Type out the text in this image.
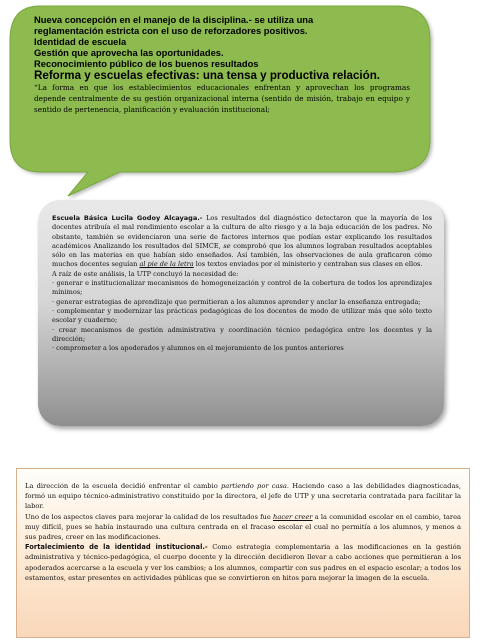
Nueva concepción en el manejo de la disciplina.- se utiliza una

reglamentación estricta con el uso de reforzadores positivos.

Identidad de escuela

Gestión que aprovecha las oportunidades.

Reconocimiento público de los buenos resultados

Reforma y escuelas efectivas: una tensa y productiva relación.

“La forma en que los establecimientos educacionales enfrentan y aprovechan los programas depende centralmente de su gestión organizacional interna (sentido de misión, trabajo en equipo y sentido de pertenencia, planificación y evaluación institucional;

Escuela Básica Lucila Godoy Alcayaga.- Los resultados del diagnóstico detectaron que la mayoría de los docentes atribuía el mal rendimiento escolar a la cultura de alto riesgo y a la baja educación de los padres. No obstante, también se evidenciaron una serie de factores internos que podían estar explicando los resultados académicos Analizando los resultados del SIMCE, se comprobó que los alumnos lograban resultados aceptables sólo en las materias en que habían sido enseñados. Así también, las observaciones de aula graficaron cómo muchos docentes seguían al pie de la letra los textos enviados por el ministerio y centraban sus clases en ellos.

A raíz de este análisis, la UTP concluyó la necesidad de:

· generar e institucionalizar mecanismos de homogeneización y control de la cobertura de todos los aprendizajes mínimos;

· generar estrategias de aprendizaje que permitieran a los alumnos aprender y anclar la enseñanza entregada;

· complementar y modernizar las prácticas pedagógicas de los docentes de modo de utilizar más que sólo texto escolar y cuaderno;

· crear mecanismos de gestión administrativa y coordinación técnico pedagógica entre los docentes y la dirección;

· comprometer a los apoderados y alumnos en el mejoramiento de los puntos anteriores

La dirección de la escuela decidió enfrentar el cambio partiendo por casa. Haciendo caso a las debilidades diagnosticadas, formó un equipo técnico-administrativo constituido por la directora, el jefe de UTP y una secretaria contratada para facilitar la labor.

Uno de los aspectos claves para mejorar la calidad de los resultados fue hacer creer a la comunidad escolar en el cambio, tarea muy difícil, pues se había instaurado una cultura centrada en el fracaso escolar el cual no permitía a los alumnos, y menos a sus padres, creer en las modificaciones.

Fortalecimiento de la identidad institucional.- Como estrategia complementaria a las modificaciones en la gestión administrativa y técnico-pedagógica, el cuerpo docente y la dirección decidieron llevar a cabo acciones que permitieran a los apoderados acercarse a la escuela y ver los cambios; a los alumnos, compartir con sus padres en el espacio escolar; a todos los estamentos, estar presentes en actividades públicas que se convirtieron en hitos para mejorar la imagen de la escuela.
